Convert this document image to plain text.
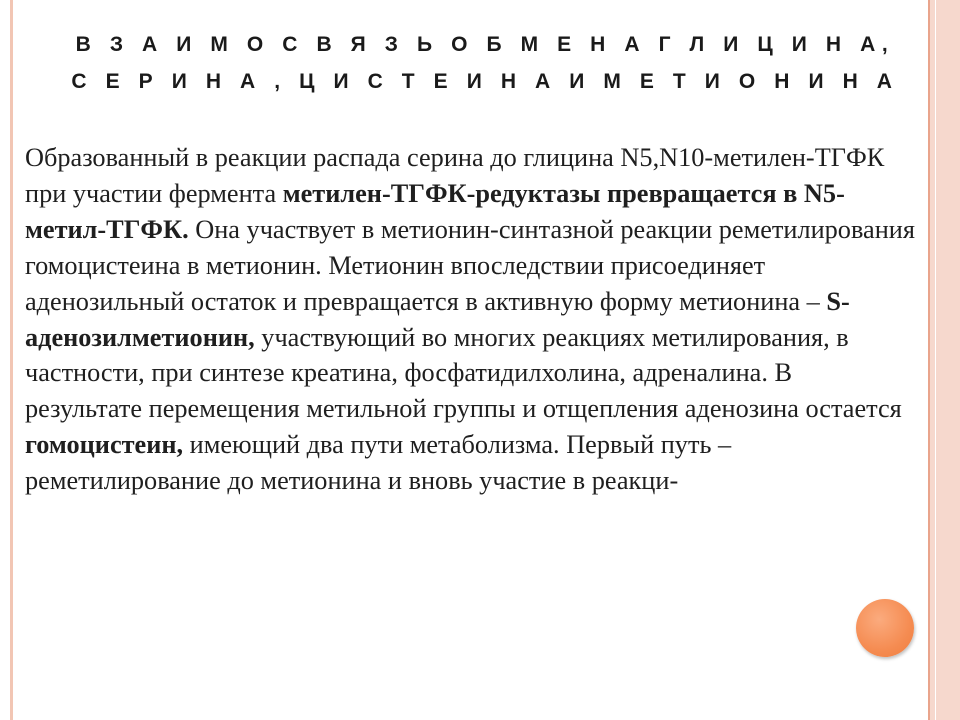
В З А И М О С В Я З Ь О Б М Е Н А Г Л И Ц И Н А,
С Е Р И Н А , Ц И С Т Е И Н А И М Е Т И О Н И Н А

Образованный в реакции распада серина до глицина N5,N10-метилен-ТГФК при участии фермента метилен-ТГФК-редуктазы превращается в N5-метил-ТГФК. Она участвует в метионин-синтазной реакции реметилирования гомоцистеина в метионин. Метионин впоследствии присоединяет аденозильный остаток и превращается в активную форму метионина – S-аденозилметионин, участвующий во многих реакциях метилирования, в частности, при синтезе креатина, фосфатидилхолина, адреналина. В результате перемещения метильной группы и отщепления аденозина остается гомоцистеин, имеющий два пути метаболизма. Первый путь – реметилирование до метионина и вновь участие в реакци-
